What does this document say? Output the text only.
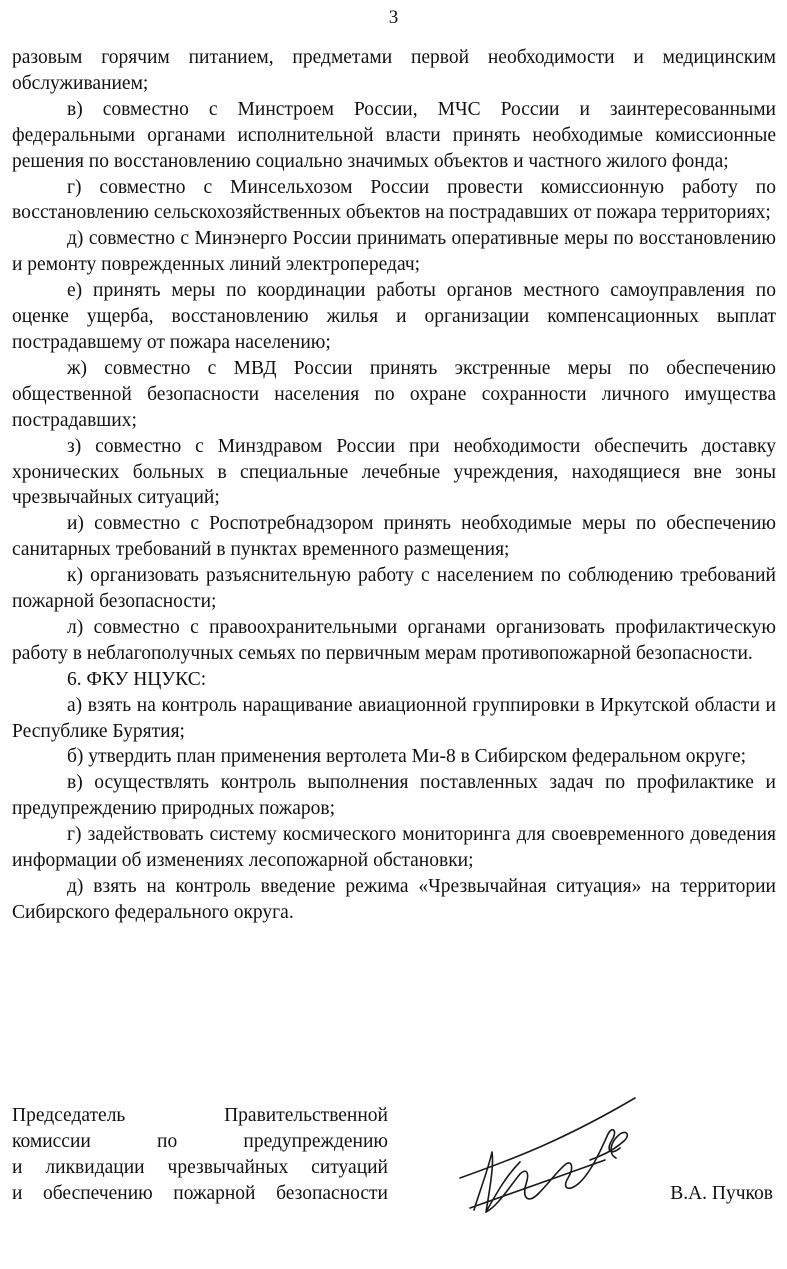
3

разовым горячим питанием, предметами первой необходимости и медицинским обслуживанием;

в) совместно с Минстроем России, МЧС России и заинтересованными федеральными органами исполнительной власти принять необходимые комиссионные решения по восстановлению социально значимых объектов и частного жилого фонда;

г) совместно с Минсельхозом России провести комиссионную работу по восстановлению сельскохозяйственных объектов на пострадавших от пожара территориях;

д) совместно с Минэнерго России принимать оперативные меры по восстановлению и ремонту поврежденных линий электропередач;

е) принять меры по координации работы органов местного самоуправления по оценке ущерба, восстановлению жилья и организации компенсационных выплат пострадавшему от пожара населению;

ж) совместно с МВД России принять экстренные меры по обеспечению общественной безопасности населения по охране сохранности личного имущества пострадавших;

з) совместно с Минздравом России при необходимости обеспечить доставку хронических больных в специальные лечебные учреждения, находящиеся вне зоны чрезвычайных ситуаций;

и) совместно с Роспотребнадзором принять необходимые меры по обеспечению санитарных требований в пунктах временного размещения;

к) организовать разъяснительную работу с населением по соблюдению требований пожарной безопасности;

л) совместно с правоохранительными органами организовать профилактическую работу в неблагополучных семьях по первичным мерам противопожарной безопасности.

6. ФКУ НЦУКС:

а) взять на контроль наращивание авиационной группировки в Иркутской области и Республике Бурятия;

б) утвердить план применения вертолета Ми-8 в Сибирском федеральном округе;

в) осуществлять контроль выполнения поставленных задач по профилактике и предупреждению природных пожаров;

г) задействовать систему космического мониторинга для своевременного доведения информации об изменениях лесопожарной обстановки;

д) взять на контроль введение режима «Чрезвычайная ситуация» на территории Сибирского федерального округа.

Председатель Правительственной
комиссии по предупреждению
и ликвидации чрезвычайных ситуаций
и обеспечению пожарной безопасности	В.А. Пучков
